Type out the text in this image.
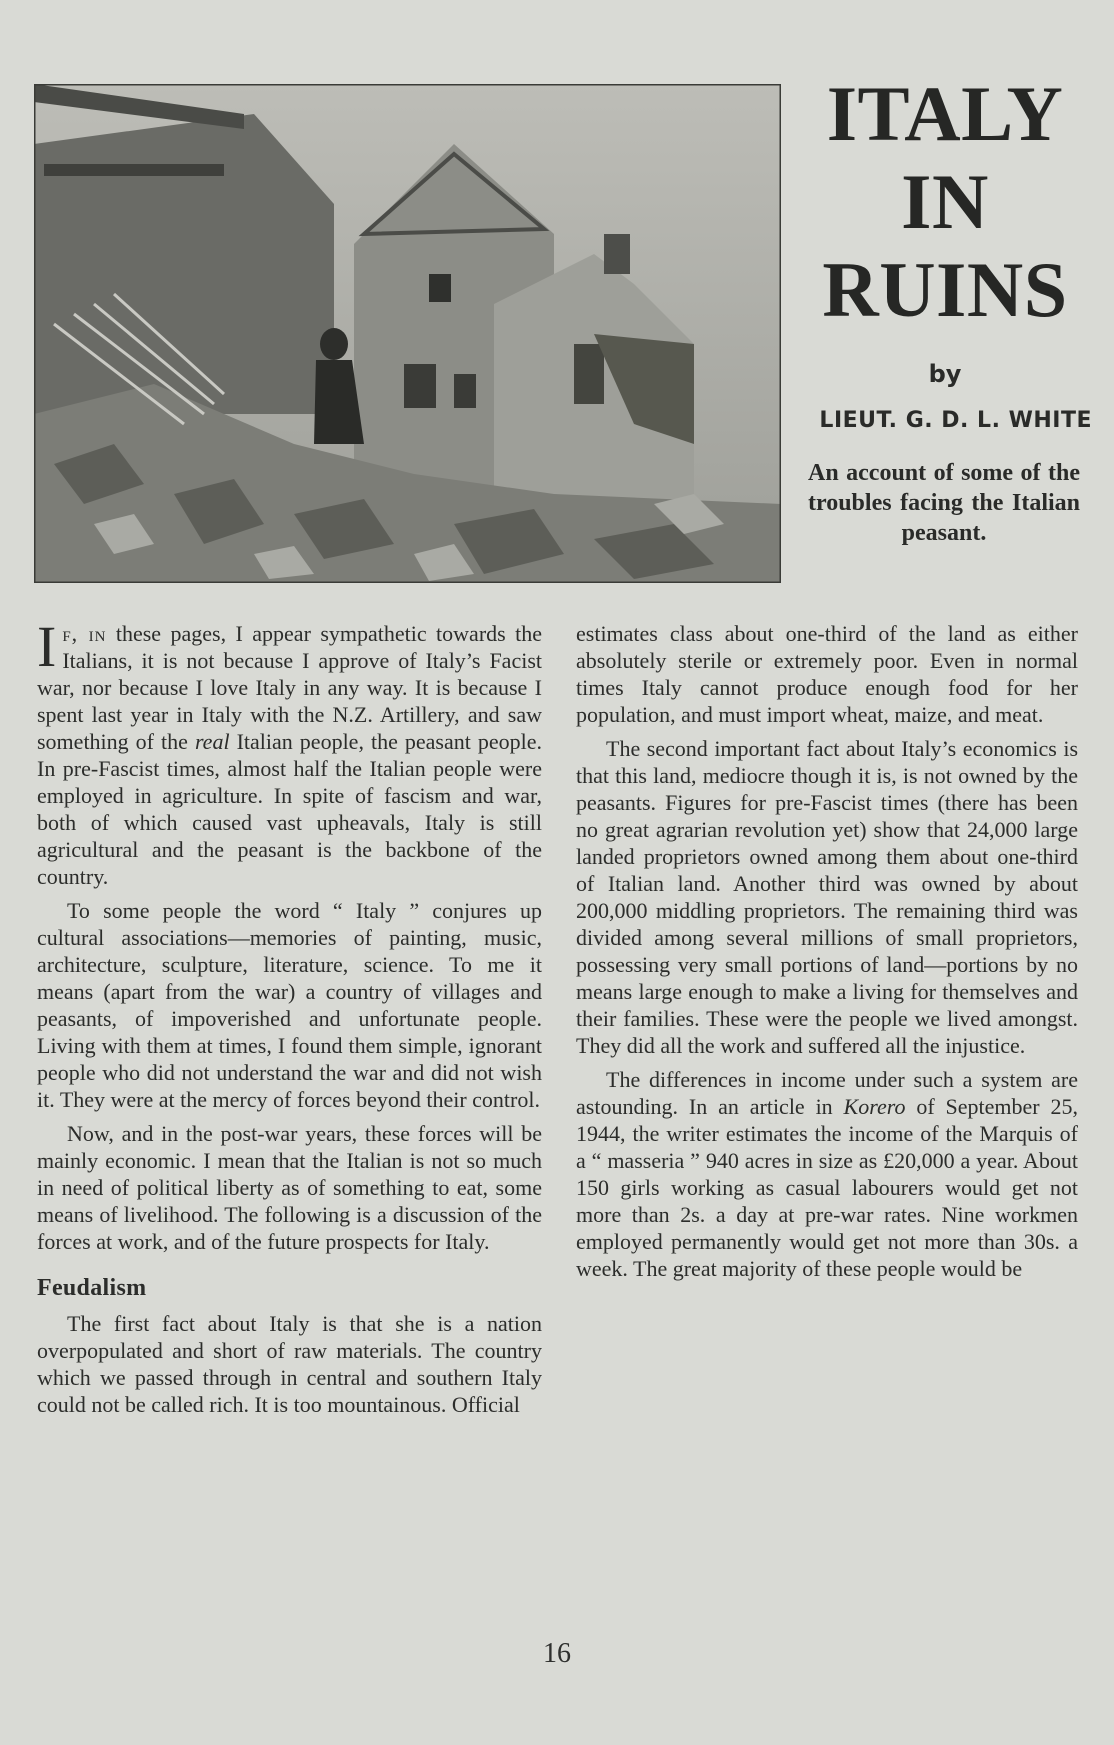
ITALY
IN
RUINS
by
LIEUT. G. D. L. WHITE
An account of some of the troubles facing the Italian peasant.

If, in these pages, I appear sympathetic towards the Italians, it is not because I approve of Italy’s Facist war, nor because I love Italy in any way. It is because I spent last year in Italy with the N.Z. Artillery, and saw something of the real Italian people, the peasant people. In pre-Fascist times, almost half the Italian people were employed in agriculture. In spite of fascism and war, both of which caused vast upheavals, Italy is still agricultural and the peasant is the backbone of the country.

To some people the word “ Italy ” conjures up cultural associations—memories of painting, music, architecture, sculpture, literature, science. To me it means (apart from the war) a country of villages and peasants, of impoverished and unfortunate people. Living with them at times, I found them simple, ignorant people who did not understand the war and did not wish it. They were at the mercy of forces beyond their control.

Now, and in the post-war years, these forces will be mainly economic. I mean that the Italian is not so much in need of political liberty as of something to eat, some means of livelihood. The following is a discussion of the forces at work, and of the future prospects for Italy.

Feudalism

The first fact about Italy is that she is a nation overpopulated and short of raw materials. The country which we passed through in central and southern Italy could not be called rich. It is too mountainous. Official

estimates class about one-third of the land as either absolutely sterile or extremely poor. Even in normal times Italy cannot produce enough food for her population, and must import wheat, maize, and meat.

The second important fact about Italy’s economics is that this land, mediocre though it is, is not owned by the peasants. Figures for pre-Fascist times (there has been no great agrarian revolution yet) show that 24,000 large landed proprietors owned among them about one-third of Italian land. Another third was owned by about 200,000 middling proprietors. The remaining third was divided among several millions of small proprietors, possessing very small portions of land—portions by no means large enough to make a living for themselves and their families. These were the people we lived amongst. They did all the work and suffered all the injustice.

The differences in income under such a system are astounding. In an article in Korero of September 25, 1944, the writer estimates the income of the Marquis of a “ masseria ” 940 acres in size as £20,000 a year. About 150 girls working as casual labourers would get not more than 2s. a day at pre-war rates. Nine workmen employed permanently would get not more than 30s. a week. The great majority of these people would be

16
